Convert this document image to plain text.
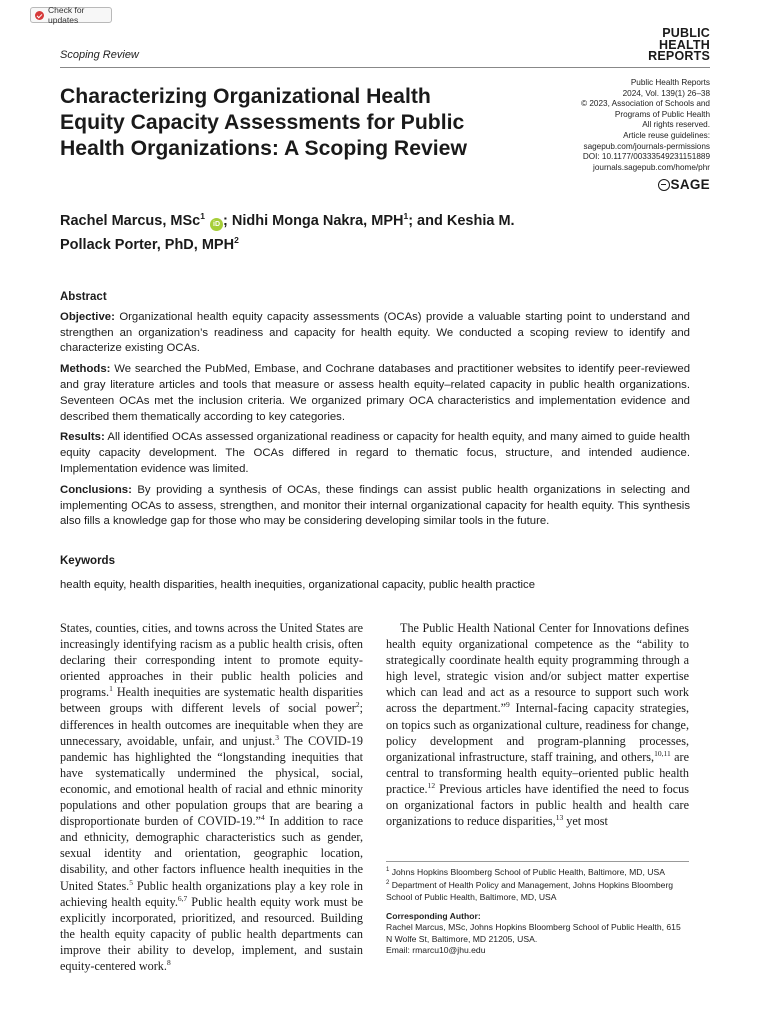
Check for updates
PUBLIC
HEALTH
REPORTS
Scoping Review
Characterizing Organizational Health Equity Capacity Assessments for Public Health Organizations: A Scoping Review
Public Health Reports
2024, Vol. 139(1) 26–38
© 2023, Association of Schools and
Programs of Public Health
All rights reserved.
Article reuse guidelines:
sagepub.com/journals-permissions
DOI: 10.1177/00333549231151889
journals.sagepub.com/home/phr
SAGE

Rachel Marcus, MSc$^1$ iD ; Nidhi Monga Nakra, MPH$^1$; and Keshia M. Pollack Porter, PhD, MPH$^2$

Abstract

Objective: Organizational health equity capacity assessments (OCAs) provide a valuable starting point to understand and strengthen an organization’s readiness and capacity for health equity. We conducted a scoping review to identify and characterize existing OCAs.

Methods: We searched the PubMed, Embase, and Cochrane databases and practitioner websites to identify peer-reviewed and gray literature articles and tools that measure or assess health equity–related capacity in public health organizations. Seventeen OCAs met the inclusion criteria. We organized primary OCA characteristics and implementation evidence and described them thematically according to key categories.

Results: All identified OCAs assessed organizational readiness or capacity for health equity, and many aimed to guide health equity capacity development. The OCAs differed in regard to thematic focus, structure, and intended audience. Implementation evidence was limited.

Conclusions: By providing a synthesis of OCAs, these findings can assist public health organizations in selecting and implementing OCAs to assess, strengthen, and monitor their internal organizational capacity for health equity. This synthesis also fills a knowledge gap for those who may be considering developing similar tools in the future.

Keywords

health equity, health disparities, health inequities, organizational capacity, public health practice

States, counties, cities, and towns across the United States are increasingly identifying racism as a public health crisis, often declaring their corresponding intent to promote equity-oriented approaches in their public health policies and programs.$^1$ Health inequities are systematic health disparities between groups with different levels of social power$^2$; differences in health outcomes are inequitable when they are unnecessary, avoidable, unfair, and unjust.$^3$ The COVID-19 pandemic has highlighted the “longstanding inequities that have systematically undermined the physical, social, economic, and emotional health of racial and ethnic minority populations and other population groups that are bearing a disproportionate burden of COVID-19.”$^4$ In addition to race and ethnicity, demographic characteristics such as gender, sexual identity and orientation, geographic location, disability, and other factors influence health inequities in the United States.$^5$ Public health organizations play a key role in achieving health equity.$^{6,7}$ Public health equity work must be explicitly incorporated, prioritized, and resourced. Building the health equity capacity of public health departments can improve their ability to develop, implement, and sustain equity-centered work.$^8$

The Public Health National Center for Innovations defines health equity organizational competence as the “ability to strategically coordinate health equity programming through a high level, strategic vision and/or subject matter expertise which can lead and act as a resource to support such work across the department.”$^9$ Internal-facing capacity strategies, on topics such as organizational culture, readiness for change, policy development and program-planning processes, organizational infrastructure, staff training, and others,$^{10,11}$ are central to transforming health equity–oriented public health practice.$^{12}$ Previous articles have identified the need to focus on organizational factors in public health and health care organizations to reduce disparities,$^{13}$ yet most

$^1$ Johns Hopkins Bloomberg School of Public Health, Baltimore, MD, USA

$^2$ Department of Health Policy and Management, Johns Hopkins Bloomberg School of Public Health, Baltimore, MD, USA

Corresponding Author:

Rachel Marcus, MSc, Johns Hopkins Bloomberg School of Public Health, 615 N Wolfe St, Baltimore, MD 21205, USA.

Email: rmarcu10@jhu.edu
